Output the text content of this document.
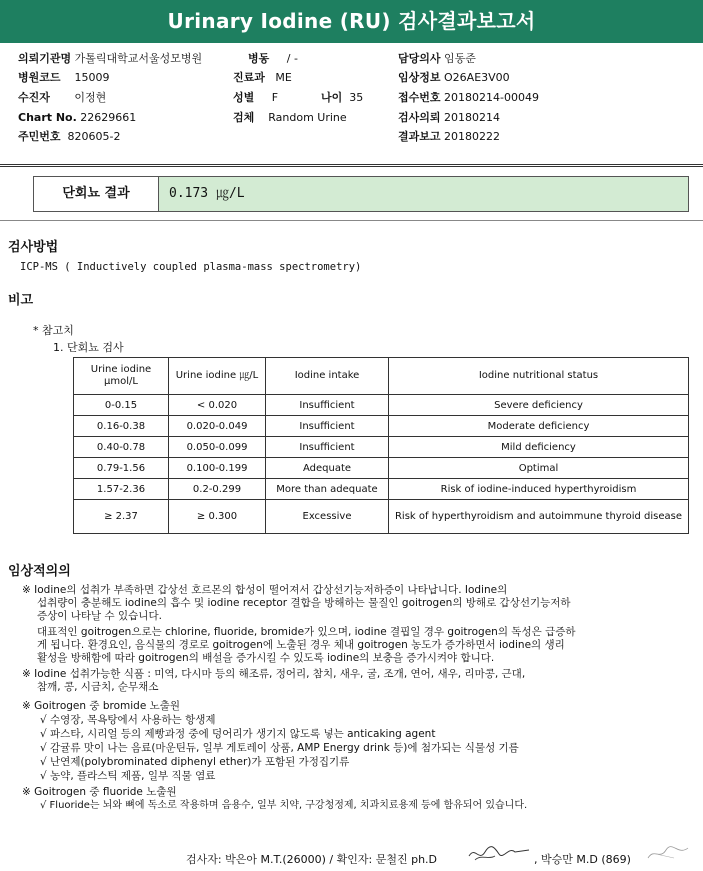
Urinary Iodine (RU) 검사결과보고서
의뢰기관명 가톨릭대학교서울성모병원	병동 / -	담당의사 임동준
병원코드 15009	진료과 ME	임상정보 O26AE3V00
수진자 이정현	성별 F	나이 35	접수번호 20180214-00049
Chart No. 22629661	검체 Random Urine	검사의뢰 20180214
주민번호 820605-2	결과보고 20180222
단회뇨 결과	0.173 ㎍/L
검사방법
ICP-MS ( Inductively coupled plasma-mass spectrometry)
비고
* 참고치
1. 단회뇨 검사
Urine iodine μmol/L	Urine iodine ㎍/L	Iodine intake	Iodine nutritional status
0-0.15	< 0.020	Insufficient	Severe deficiency
0.16-0.38	0.020-0.049	Insufficient	Moderate deficiency
0.40-0.78	0.050-0.099	Insufficient	Mild deficiency
0.79-1.56	0.100-0.199	Adequate	Optimal
1.57-2.36	0.2-0.299	More than adequate	Risk of iodine-induced hyperthyroidism
≥ 2.37	≥ 0.300	Excessive	Risk of hyperthyroidism and autoimmune thyroid disease
임상적의의
※ Iodine의 섭취가 부족하면 갑상선 호르몬의 합성이 떨어져서 갑상선기능저하증이 나타납니다. Iodine의
섭취량이 충분해도 iodine의 흡수 및 iodine receptor 결합을 방해하는 물질인 goitrogen의 방해로 갑상선기능저하
증상이 나타날 수 있습니다.
대표적인 goitrogen으로는 chlorine, fluoride, bromide가 있으며, iodine 결핍일 경우 goitrogen의 독성은 급증하
게 됩니다. 환경요인, 음식물의 경로로 goitrogen에 노출된 경우 체내 goitrogen 농도가 증가하면서 iodine의 생리
활성을 방해함에 따라 goitrogen의 배설을 증가시킬 수 있도록 iodine의 보충을 증가시켜야 합니다.
※ Iodine 섭취가능한 식품 : 미역, 다시마 등의 해조류, 정어리, 참치, 새우, 굴, 조개, 연어, 새우, 리마콩, 근대,
참깨, 콩, 시금치, 순무채소
※ Goitrogen 중 bromide 노출원
√ 수영장, 목욕탕에서 사용하는 항생제
√ 파스타, 시리얼 등의 제빵과정 중에 덩어리가 생기지 않도록 넣는 anticaking agent
√ 감귤류 맛이 나는 음료(마운틴듀, 일부 게토레이 상품, AMP Energy drink 등)에 첨가되는 식물성 기름
√ 난연제(polybrominated diphenyl ether)가 포함된 가정집기류
√ 농약, 플라스틱 제품, 일부 직물 염료
※ Goitrogen 중 fluoride 노출원
√ Fluoride는 뇌와 뼈에 독소로 작용하며 음용수, 일부 치약, 구강청정제, 치과치료용제 등에 함유되어 있습니다.
검사자: 박은아 M.T.(26000) / 확인자: 문철진 ph.D	, 박승만 M.D (869)
